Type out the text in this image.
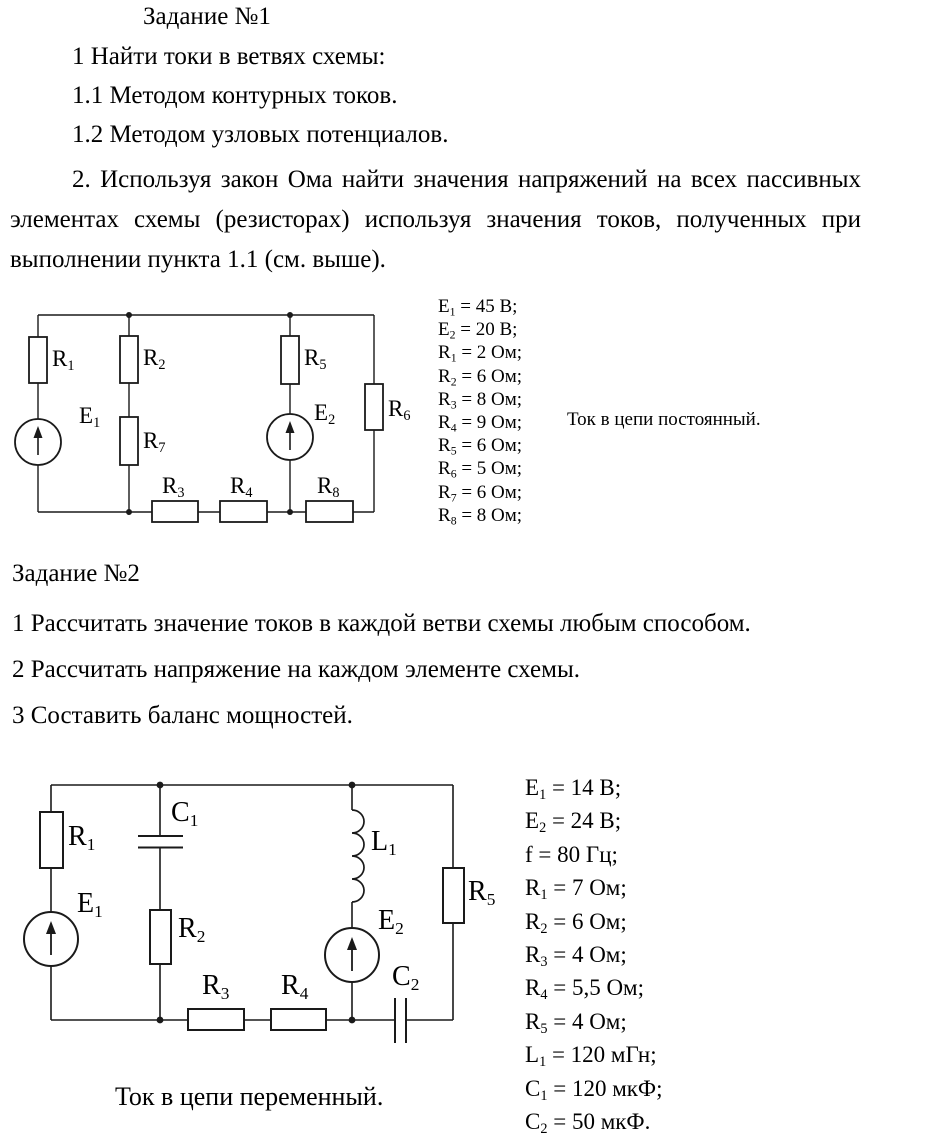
Задание №1
1 Найти токи в ветвях схемы:
1.1 Методом контурных токов.
1.2 Методом узловых потенциалов.
2. Используя закон Ома найти значения напряжений на всех пассивных элементах схемы (резисторах) используя значения токов, полученных при выполнении пункта 1.1 (см. выше).
$R_1$	$R_2$	$R_5$
$R_6$
$R_7$
$E_1$	$E_2$
$R_3$ $R_4$	$R_8$
$E_1 = 45$ В;
$E_2 = 20$ В;
$R_1 = 2$ Ом;
$R_2 = 6$ Ом;
$R_3 = 8$ Ом;
$R_4 = 9$ Ом;
$R_5 = 6$ Ом;
$R_6 = 5$ Ом;
$R_7 = 6$ Ом;
$R_8 = 8$ Ом;
Ток в цепи постоянный.
Задание №2
1 Рассчитать значение токов в каждой ветви схемы любым способом.
2 Рассчитать напряжение на каждом элементе схемы.
3 Составить баланс мощностей.
$R_1$
$C_1$
$E_1$
$R_2$
$L_1$
$E_2$
$C_2$
$R_5$
$R_3$ $R_4$
$E_1 = 14$ В;
$E_2 = 24$ В;
f = 80 Гц;
$R_1 = 7$ Ом;
$R_2 = 6$ Ом;
$R_3 = 4$ Ом;
$R_4 = 5,5$ Ом;
$R_5 = 4$ Ом;
$L_1 = 120$ мГн;
$C_1 = 120$ мкФ;
$C_2 = 50$ мкФ.
Ток в цепи переменный.
